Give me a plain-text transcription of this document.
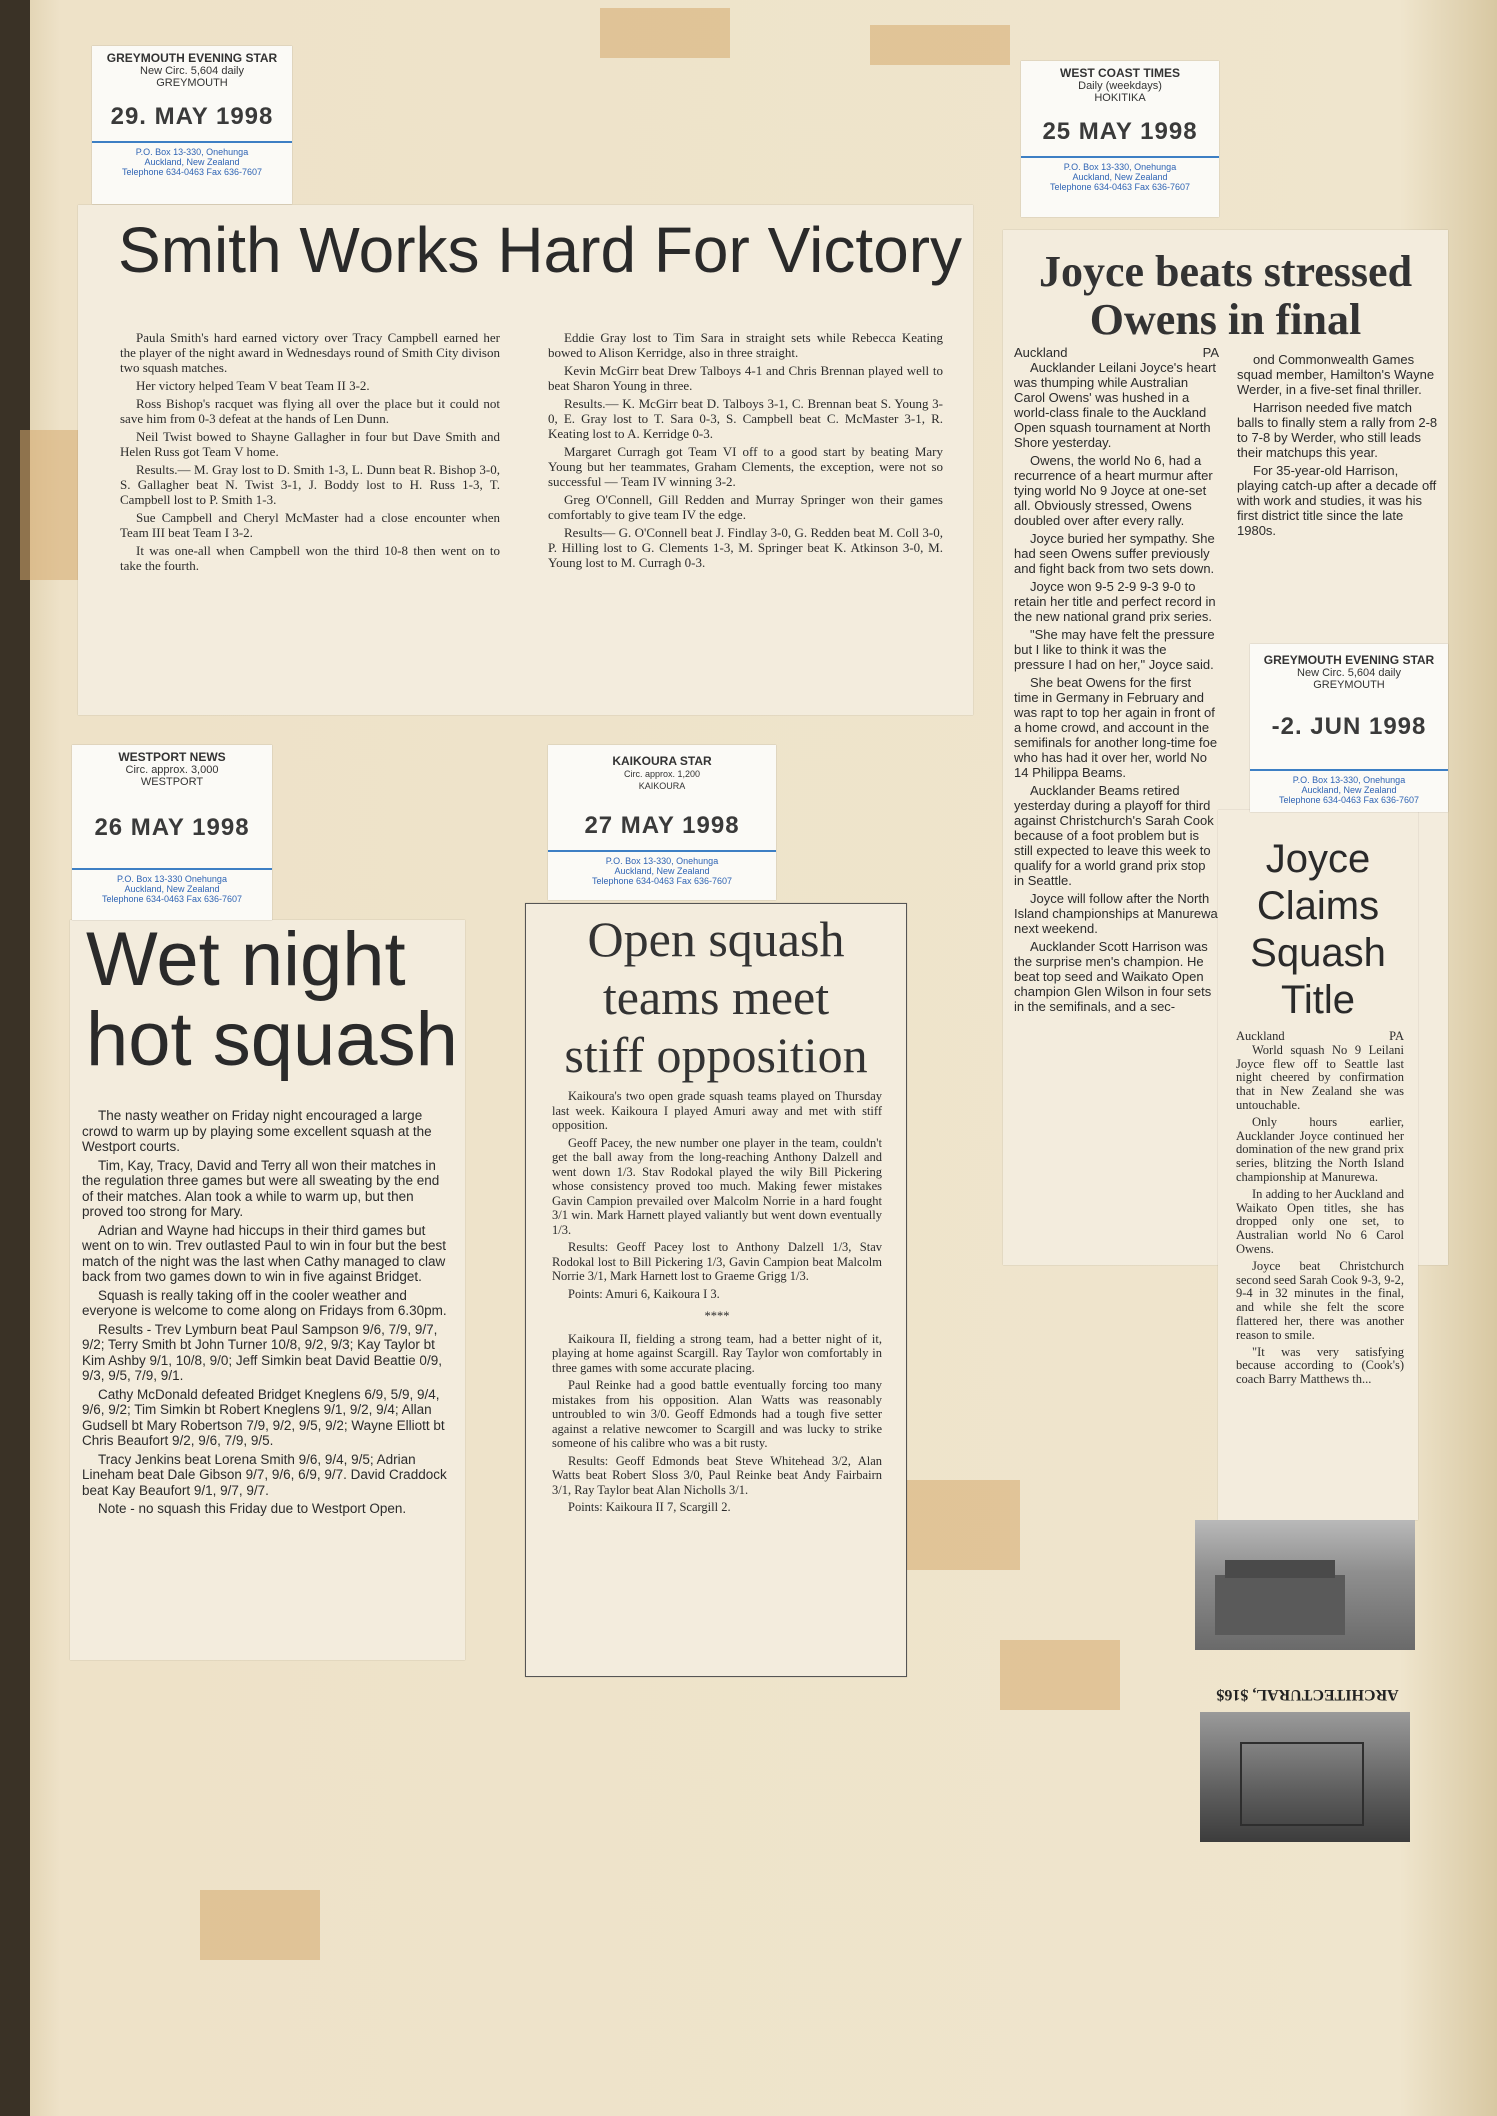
Smith Works Hard For Victory

Paula Smith's hard earned victory over Tracy Campbell earned her the player of the night award in Wednesdays round of Smith City divison two squash matches.

Her victory helped Team V beat Team II 3-2.

Ross Bishop's racquet was flying all over the place but it could not save him from 0-3 defeat at the hands of Len Dunn.

Neil Twist bowed to Shayne Gallagher in four but Dave Smith and Helen Russ got Team V home.

Results.— M. Gray lost to D. Smith 1-3, L. Dunn beat R. Bishop 3-0, S. Gallagher beat N. Twist 3-1, J. Boddy lost to H. Russ 1-3, T. Campbell lost to P. Smith 1-3.

Sue Campbell and Cheryl McMaster had a close encounter when Team III beat Team I 3-2.

It was one-all when Campbell won the third 10-8 then went on to take the fourth.

Eddie Gray lost to Tim Sara in straight sets while Rebecca Keating bowed to Alison Kerridge, also in three straight.

Kevin McGirr beat Drew Talboys 4-1 and Chris Brennan played well to beat Sharon Young in three.

Results.— K. McGirr beat D. Talboys 3-1, C. Brennan beat S. Young 3-0, E. Gray lost to T. Sara 0-3, S. Campbell beat C. McMaster 3-1, R. Keating lost to A. Kerridge 0-3.

Margaret Curragh got Team VI off to a good start by beating Mary Young but her teammates, Graham Clements, the exception, were not so successful — Team IV winning 3-2.

Greg O'Connell, Gill Redden and Murray Springer won their games comfortably to give team IV the edge.

Results— G. O'Connell beat J. Findlay 3-0, G. Redden beat M. Coll 3-0, P. Hilling lost to G. Clements 1-3, M. Springer beat K. Atkinson 3-0, M. Young lost to M. Curragh 0-3.

GREYMOUTH EVENING STAR
New Circ. 5,604 daily
GREYMOUTH
29. MAY 1998
P.O. Box 13-330, Onehunga
Auckland, New Zealand
Telephone 634-0463 Fax 636-7607
Joyce beats stressed
Owens in final
Auckland	PA

Aucklander Leilani Joyce's heart was thumping while Australian Carol Owens' was hushed in a world-class finale to the Auckland Open squash tournament at North Shore yesterday.

Owens, the world No 6, had a recurrence of a heart murmur after tying world No 9 Joyce at one-set all. Obviously stressed, Owens doubled over after every rally.

Joyce buried her sympathy. She had seen Owens suffer previously and fight back from two sets down.

Joyce won 9-5 2-9 9-3 9-0 to retain her title and perfect record in the new national grand prix series.

"She may have felt the pressure but I like to think it was the pressure I had on her," Joyce said.

She beat Owens for the first time in Germany in February and was rapt to top her again in front of a home crowd, and account in the semifinals for another long-time foe who has had it over her, world No 14 Philippa Beams.

Aucklander Beams retired yesterday during a playoff for third against Christchurch's Sarah Cook because of a foot problem but is still expected to leave this week to qualify for a world grand prix stop in Seattle.

Joyce will follow after the North Island championships at Manurewa next weekend.

Aucklander Scott Harrison was the surprise men's champion. He beat top seed and Waikato Open champion Glen Wilson in four sets in the semifinals, and a sec-

ond Commonwealth Games squad member, Hamilton's Wayne Werder, in a five-set final thriller.

Harrison needed five match balls to finally stem a rally from 2-8 to 7-8 by Werder, who still leads their matchups this year.

For 35-year-old Harrison, playing catch-up after a decade off with work and studies, it was his first district title since the late 1980s.

WEST COAST TIMES
Daily (weekdays)
HOKITIKA
25 MAY 1998
P.O. Box 13-330, Onehunga
Auckland, New Zealand
Telephone 634-0463 Fax 636-7607
Wet night
hot squash

The nasty weather on Friday night encouraged a large crowd to warm up by playing some excellent squash at the Westport courts.

Tim, Kay, Tracy, David and Terry all won their matches in the regulation three games but were all sweating by the end of their matches. Alan took a while to warm up, but then proved too strong for Mary.

Adrian and Wayne had hiccups in their third games but went on to win. Trev outlasted Paul to win in four but the best match of the night was the last when Cathy managed to claw back from two games down to win in five against Bridget.

Squash is really taking off in the cooler weather and everyone is welcome to come along on Fridays from 6.30pm.

Results - Trev Lymburn beat Paul Sampson 9/6, 7/9, 9/7, 9/2; Terry Smith bt John Turner 10/8, 9/2, 9/3; Kay Taylor bt Kim Ashby 9/1, 10/8, 9/0; Jeff Simkin beat David Beattie 0/9, 9/3, 9/5, 7/9, 9/1.

Cathy McDonald defeated Bridget Kneglens 6/9, 5/9, 9/4, 9/6, 9/2; Tim Simkin bt Robert Kneglens 9/1, 9/2, 9/4; Allan Gudsell bt Mary Robertson 7/9, 9/2, 9/5, 9/2; Wayne Elliott bt Chris Beaufort 9/2, 9/6, 7/9, 9/5.

Tracy Jenkins beat Lorena Smith 9/6, 9/4, 9/5; Adrian Lineham beat Dale Gibson 9/7, 9/6, 6/9, 9/7. David Craddock beat Kay Beaufort 9/1, 9/7, 9/7.

Note - no squash this Friday due to Westport Open.

WESTPORT NEWS
Circ. approx. 3,000
WESTPORT
26 MAY 1998
P.O. Box 13-330 Onehunga
Auckland, New Zealand
Telephone 634-0463 Fax 636-7607
Open squash
teams meet
stiff opposition

Kaikoura's two open grade squash teams played on Thursday last week. Kaikoura I played Amuri away and met with stiff opposition.

Geoff Pacey, the new number one player in the team, couldn't get the ball away from the long-reaching Anthony Dalzell and went down 1/3. Stav Rodokal played the wily Bill Pickering whose consistency proved too much. Making fewer mistakes Gavin Campion prevailed over Malcolm Norrie in a hard fought 3/1 win. Mark Harnett played valiantly but went down eventually 1/3.

Results: Geoff Pacey lost to Anthony Dalzell 1/3, Stav Rodokal lost to Bill Pickering 1/3, Gavin Campion beat Malcolm Norrie 3/1, Mark Harnett lost to Graeme Grigg 1/3.

Points: Amuri 6, Kaikoura I 3.

****

Kaikoura II, fielding a strong team, had a better night of it, playing at home against Scargill. Ray Taylor won comfortably in three games with some accurate placing.

Paul Reinke had a good battle eventually forcing too many mistakes from his opposition. Alan Watts was reasonably untroubled to win 3/0. Geoff Edmonds had a tough five setter against a relative newcomer to Scargill and was lucky to strike someone of his calibre who was a bit rusty.

Results: Geoff Edmonds beat Steve Whitehead 3/2, Alan Watts beat Robert Sloss 3/0, Paul Reinke beat Andy Fairbairn 3/1, Ray Taylor beat Alan Nicholls 3/1.

Points: Kaikoura II 7, Scargill 2.

KAIKOURA STAR
Circ. approx. 1,200
KAIKOURA
27 MAY 1998
P.O. Box 13-330, Onehunga
Auckland, New Zealand
Telephone 634-0463 Fax 636-7607	Joyce
Claims
Squash
Title
Auckland	PA

World squash No 9 Leilani Joyce flew off to Seattle last night cheered by confirmation that in New Zealand she was untouchable.

Only hours earlier, Aucklander Joyce continued her domination of the new grand prix series, blitzing the North Island championship at Manurewa.

In adding to her Auckland and Waikato Open titles, she has dropped only one set, to Australian world No 6 Carol Owens.

Joyce beat Christchurch second seed Sarah Cook 9-3, 9-2, 9-4 in 32 minutes in the final, and while she felt the score flattered her, there was another reason to smile.

"It was very satisfying because according to (Cook's) coach Barry Matthews th...

GREYMOUTH EVENING STAR
New Circ. 5,604 daily
GREYMOUTH
-2. JUN 1998
P.O. Box 13-330, Onehunga
Auckland, New Zealand
Telephone 634-0463 Fax 636-7607
ARCHITECTURAL, $16$
